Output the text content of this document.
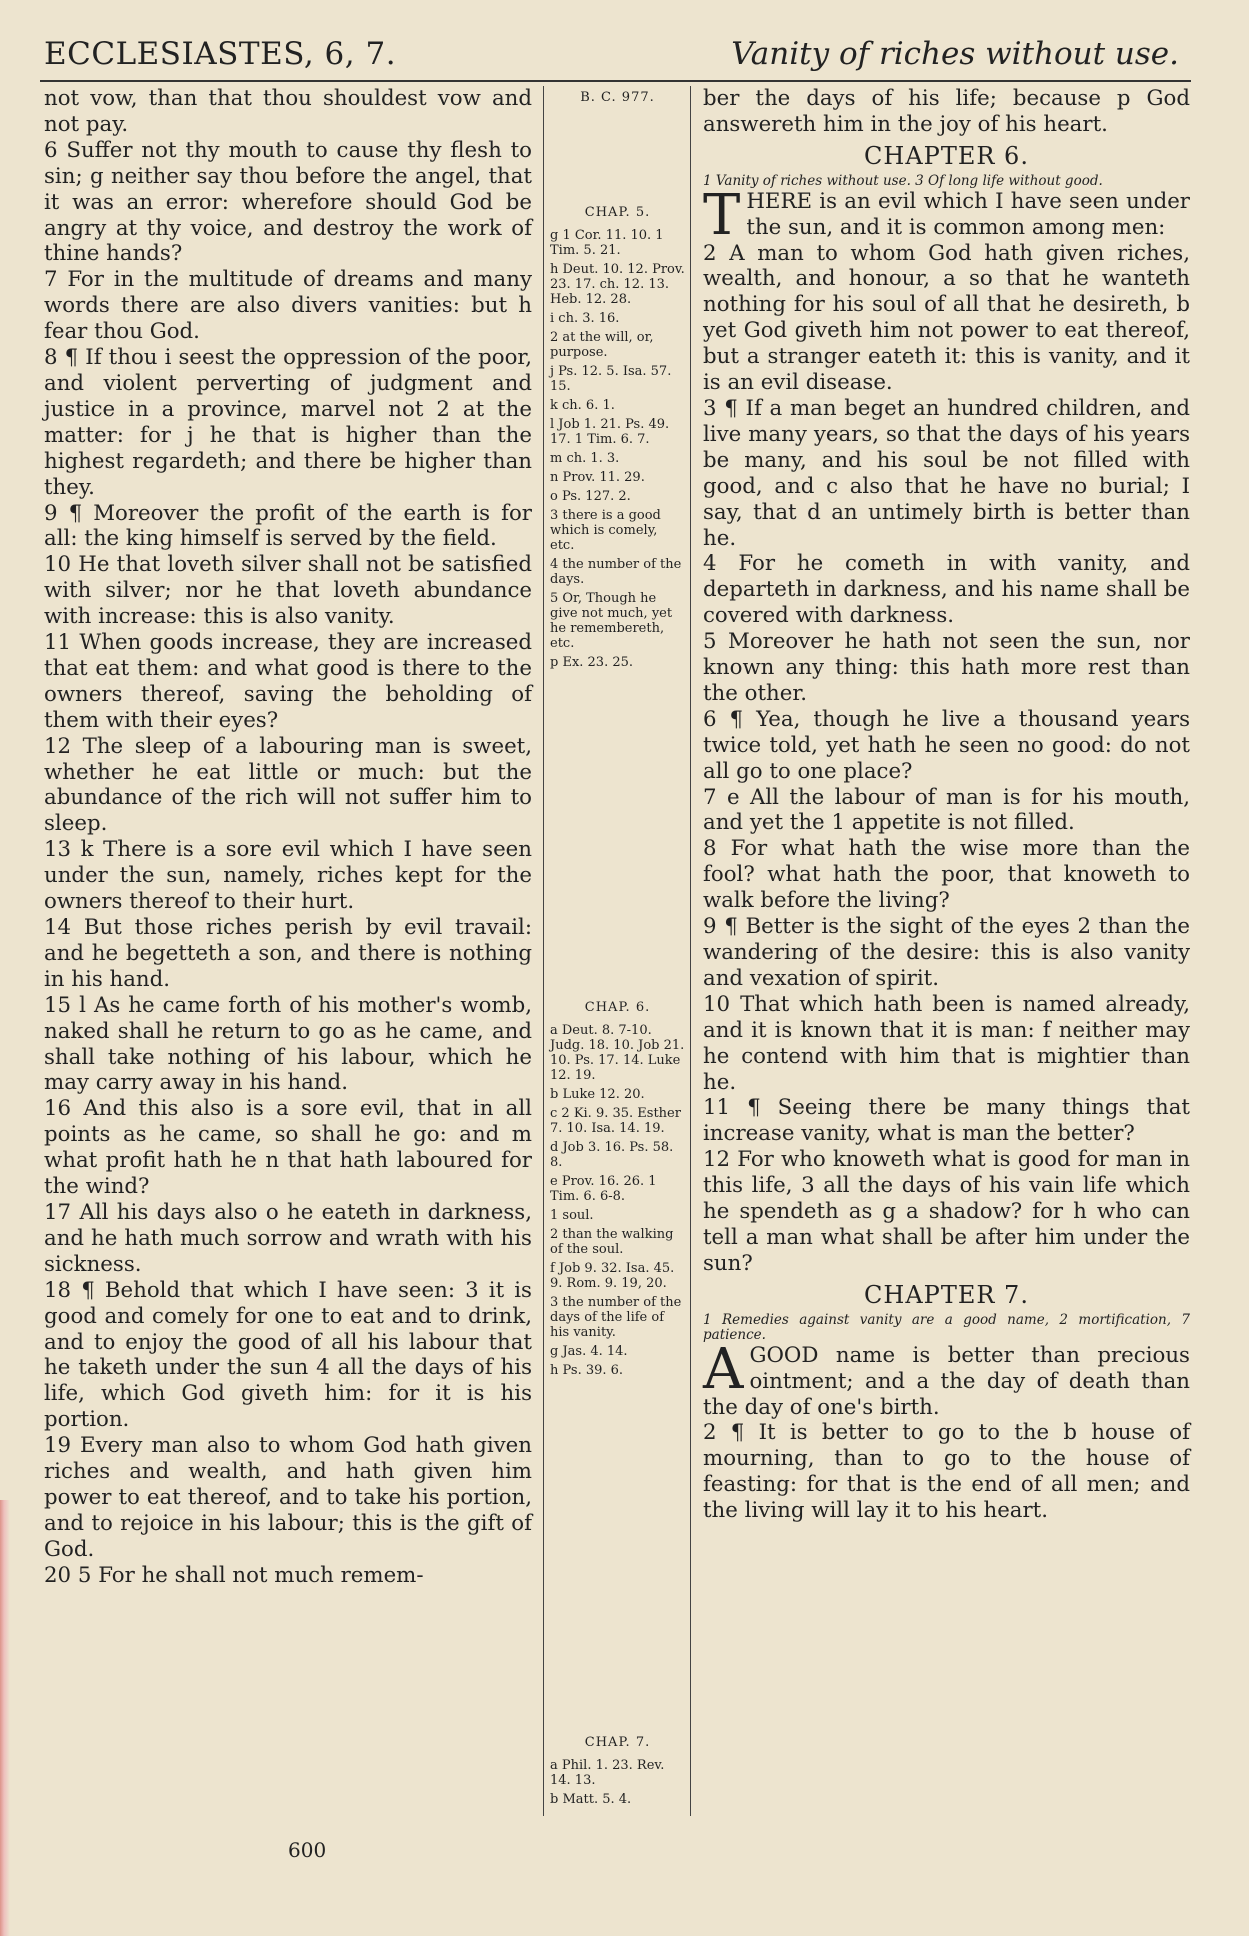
ECCLESIASTES, 6, 7.	Vanity of riches without use.

not vow, than that thou shouldest vow and not pay.

6 Suffer not thy mouth to cause thy flesh to sin; g neither say thou before the angel, that it was an error: wherefore should God be angry at thy voice, and destroy the work of thine hands?

7 For in the multitude of dreams and many words there are also divers vanities: but h fear thou God.

8 ¶ If thou i seest the oppression of the poor, and violent perverting of judgment and justice in a province, marvel not 2 at the matter: for j he that is higher than the highest regardeth; and there be higher than they.

9 ¶ Moreover the profit of the earth is for all: the king himself is served by the field.

10 He that loveth silver shall not be satisfied with silver; nor he that loveth abundance with increase: this is also vanity.

11 When goods increase, they are increased that eat them: and what good is there to the owners thereof, saving the beholding of them with their eyes?

12 The sleep of a labouring man is sweet, whether he eat little or much: but the abundance of the rich will not suffer him to sleep.

13 k There is a sore evil which I have seen under the sun, namely, riches kept for the owners thereof to their hurt.

14 But those riches perish by evil travail: and he begetteth a son, and there is nothing in his hand.

15 l As he came forth of his mother's womb, naked shall he return to go as he came, and shall take nothing of his labour, which he may carry away in his hand.

16 And this also is a sore evil, that in all points as he came, so shall he go: and m what profit hath he n that hath laboured for the wind?

17 All his days also o he eateth in darkness, and he hath much sorrow and wrath with his sickness.

18 ¶ Behold that which I have seen: 3 it is good and comely for one to eat and to drink, and to enjoy the good of all his labour that he taketh under the sun 4 all the days of his life, which God giveth him: for it is his portion.

19 Every man also to whom God hath given riches and wealth, and hath given him power to eat thereof, and to take his portion, and to rejoice in his labour; this is the gift of God.

20 5 For he shall not much remem-

B. C. 977.
CHAP. 5.

g 1 Cor. 11. 10. 1 Tim. 5. 21.

h Deut. 10. 12. Prov. 23. 17. ch. 12. 13. Heb. 12. 28.

i ch. 3. 16.

2 at the will, or, purpose.

j Ps. 12. 5. Isa. 57. 15.

k ch. 6. 1.

l Job 1. 21. Ps. 49. 17. 1 Tim. 6. 7.

m ch. 1. 3.

n Prov. 11. 29.

o Ps. 127. 2.

3 there is a good which is comely, etc.

4 the number of the days.

5 Or, Though he give not much, yet he remembereth, etc.

p Ex. 23. 25.

CHAP. 6.

a Deut. 8. 7-10. Judg. 18. 10. Job 21. 10. Ps. 17. 14. Luke 12. 19.

b Luke 12. 20.

c 2 Ki. 9. 35. Esther 7. 10. Isa. 14. 19.

d Job 3. 16. Ps. 58. 8.

e Prov. 16. 26. 1 Tim. 6. 6-8.

1 soul.

2 than the walking of the soul.

f Job 9. 32. Isa. 45. 9. Rom. 9. 19, 20.

3 the number of the days of the life of his vanity.

g Jas. 4. 14.

h Ps. 39. 6.

CHAP. 7.

a Phil. 1. 23. Rev. 14. 13.

b Matt. 5. 4.

ber the days of his life; because p God answereth him in the joy of his heart.

CHAPTER 6.

1 Vanity of riches without use. 3 Of long life without good.

THERE is an evil which I have seen under the sun, and it is common among men:

2 A man to whom God hath given riches, wealth, and honour, a so that he wanteth nothing for his soul of all that he desireth, b yet God giveth him not power to eat thereof, but a stranger eateth it: this is vanity, and it is an evil disease.

3 ¶ If a man beget an hundred children, and live many years, so that the days of his years be many, and his soul be not filled with good, and c also that he have no burial; I say, that d an untimely birth is better than he.

4 For he cometh in with vanity, and departeth in darkness, and his name shall be covered with darkness.

5 Moreover he hath not seen the sun, nor known any thing: this hath more rest than the other.

6 ¶ Yea, though he live a thousand years twice told, yet hath he seen no good: do not all go to one place?

7 e All the labour of man is for his mouth, and yet the 1 appetite is not filled.

8 For what hath the wise more than the fool? what hath the poor, that knoweth to walk before the living?

9 ¶ Better is the sight of the eyes 2 than the wandering of the desire: this is also vanity and vexation of spirit.

10 That which hath been is named already, and it is known that it is man: f neither may he contend with him that is mightier than he.

11 ¶ Seeing there be many things that increase vanity, what is man the better?

12 For who knoweth what is good for man in this life, 3 all the days of his vain life which he spendeth as g a shadow? for h who can tell a man what shall be after him under the sun?

CHAPTER 7.

1 Remedies against vanity are a good name, 2 mortification, 7 patience.

AGOOD name is better than precious ointment; and a the day of death than the day of one's birth.

2 ¶ It is better to go to the b house of mourning, than to go to the house of feasting: for that is the end of all men; and the living will lay it to his heart.

600
